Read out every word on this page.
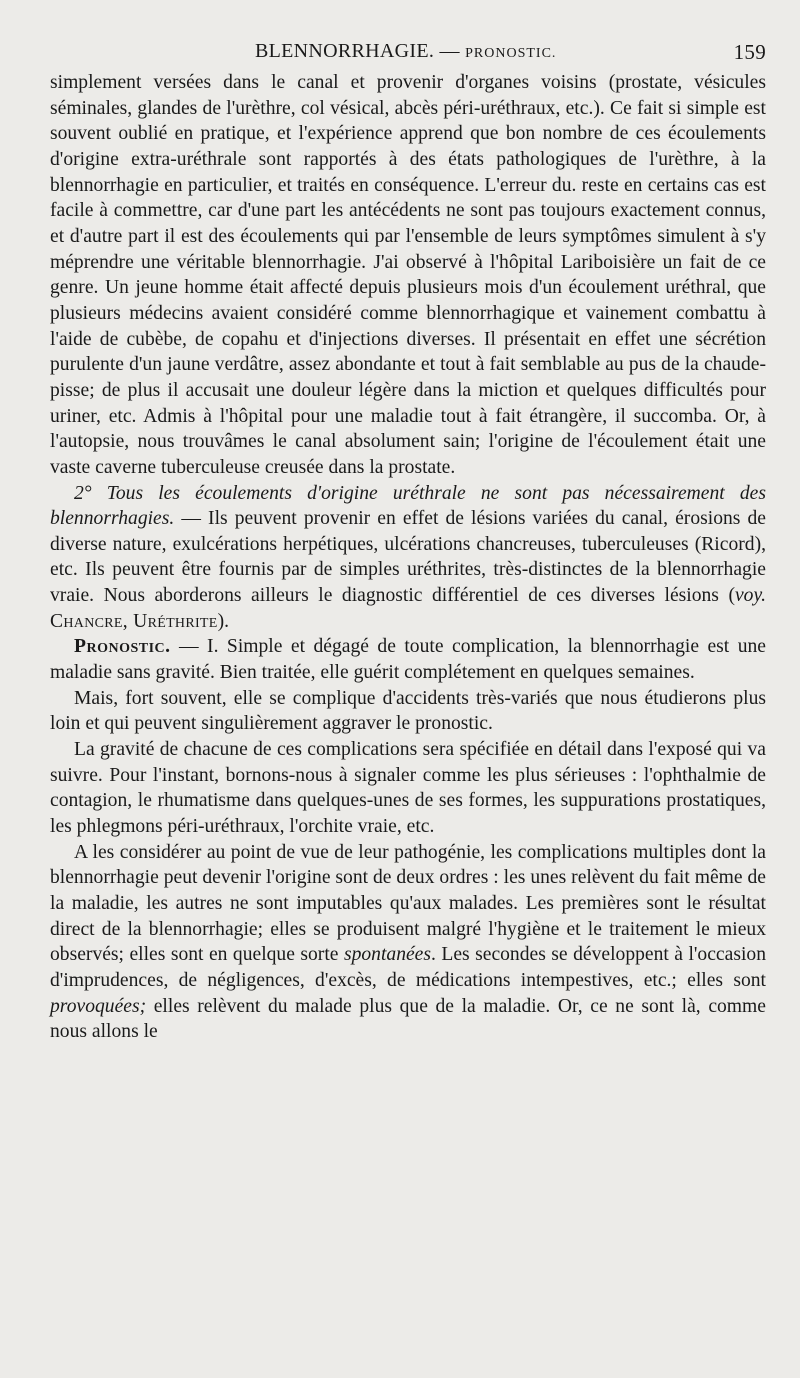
BLENNORRHAGIE. — PRONOSTIC.	159

simplement versées dans le canal et provenir d'organes voisins (prostate, vésicules séminales, glandes de l'urèthre, col vésical, abcès péri-uréthraux, etc.). Ce fait si simple est souvent oublié en pratique, et l'expérience apprend que bon nombre de ces écoulements d'origine extra-uréthrale sont rapportés à des états pathologiques de l'urèthre, à la blennorrhagie en particulier, et traités en conséquence. L'erreur du. reste en certains cas est facile à commettre, car d'une part les antécédents ne sont pas toujours exactement connus, et d'autre part il est des écoulements qui par l'ensemble de leurs symptômes simulent à s'y méprendre une véritable blennorrhagie. J'ai observé à l'hôpital Lariboisière un fait de ce genre. Un jeune homme était affecté depuis plusieurs mois d'un écoulement uréthral, que plusieurs médecins avaient considéré comme blennorrhagique et vainement combattu à l'aide de cubèbe, de copahu et d'injections diverses. Il présentait en effet une sécrétion purulente d'un jaune verdâtre, assez abondante et tout à fait semblable au pus de la chaude-pisse; de plus il accusait une douleur légère dans la miction et quelques difficultés pour uriner, etc. Admis à l'hôpital pour une maladie tout à fait étrangère, il succomba. Or, à l'autopsie, nous trouvâmes le canal absolument sain; l'origine de l'écoulement était une vaste caverne tuberculeuse creusée dans la prostate.

2° Tous les écoulements d'origine uréthrale ne sont pas nécessairement des blennorrhagies. — Ils peuvent provenir en effet de lésions variées du canal, érosions de diverse nature, exulcérations herpétiques, ulcérations chancreuses, tuberculeuses (Ricord), etc. Ils peuvent être fournis par de simples uréthrites, très-distinctes de la blennorrhagie vraie. Nous aborderons ailleurs le diagnostic différentiel de ces diverses lésions (voy. Chancre, Uréthrite).

Pronostic. — I. Simple et dégagé de toute complication, la blennorrhagie est une maladie sans gravité. Bien traitée, elle guérit complétement en quelques semaines.

Mais, fort souvent, elle se complique d'accidents très-variés que nous étudierons plus loin et qui peuvent singulièrement aggraver le pronostic.

La gravité de chacune de ces complications sera spécifiée en détail dans l'exposé qui va suivre. Pour l'instant, bornons-nous à signaler comme les plus sérieuses : l'ophthalmie de contagion, le rhumatisme dans quelques-unes de ses formes, les suppurations prostatiques, les phlegmons péri-uréthraux, l'orchite vraie, etc.

A les considérer au point de vue de leur pathogénie, les complications multiples dont la blennorrhagie peut devenir l'origine sont de deux ordres : les unes relèvent du fait même de la maladie, les autres ne sont imputables qu'aux malades. Les premières sont le résultat direct de la blennorrhagie; elles se produisent malgré l'hygiène et le traitement le mieux observés; elles sont en quelque sorte spontanées. Les secondes se développent à l'occasion d'imprudences, de négligences, d'excès, de médications intempestives, etc.; elles sont provoquées; elles relèvent du malade plus que de la maladie. Or, ce ne sont là, comme nous allons le
